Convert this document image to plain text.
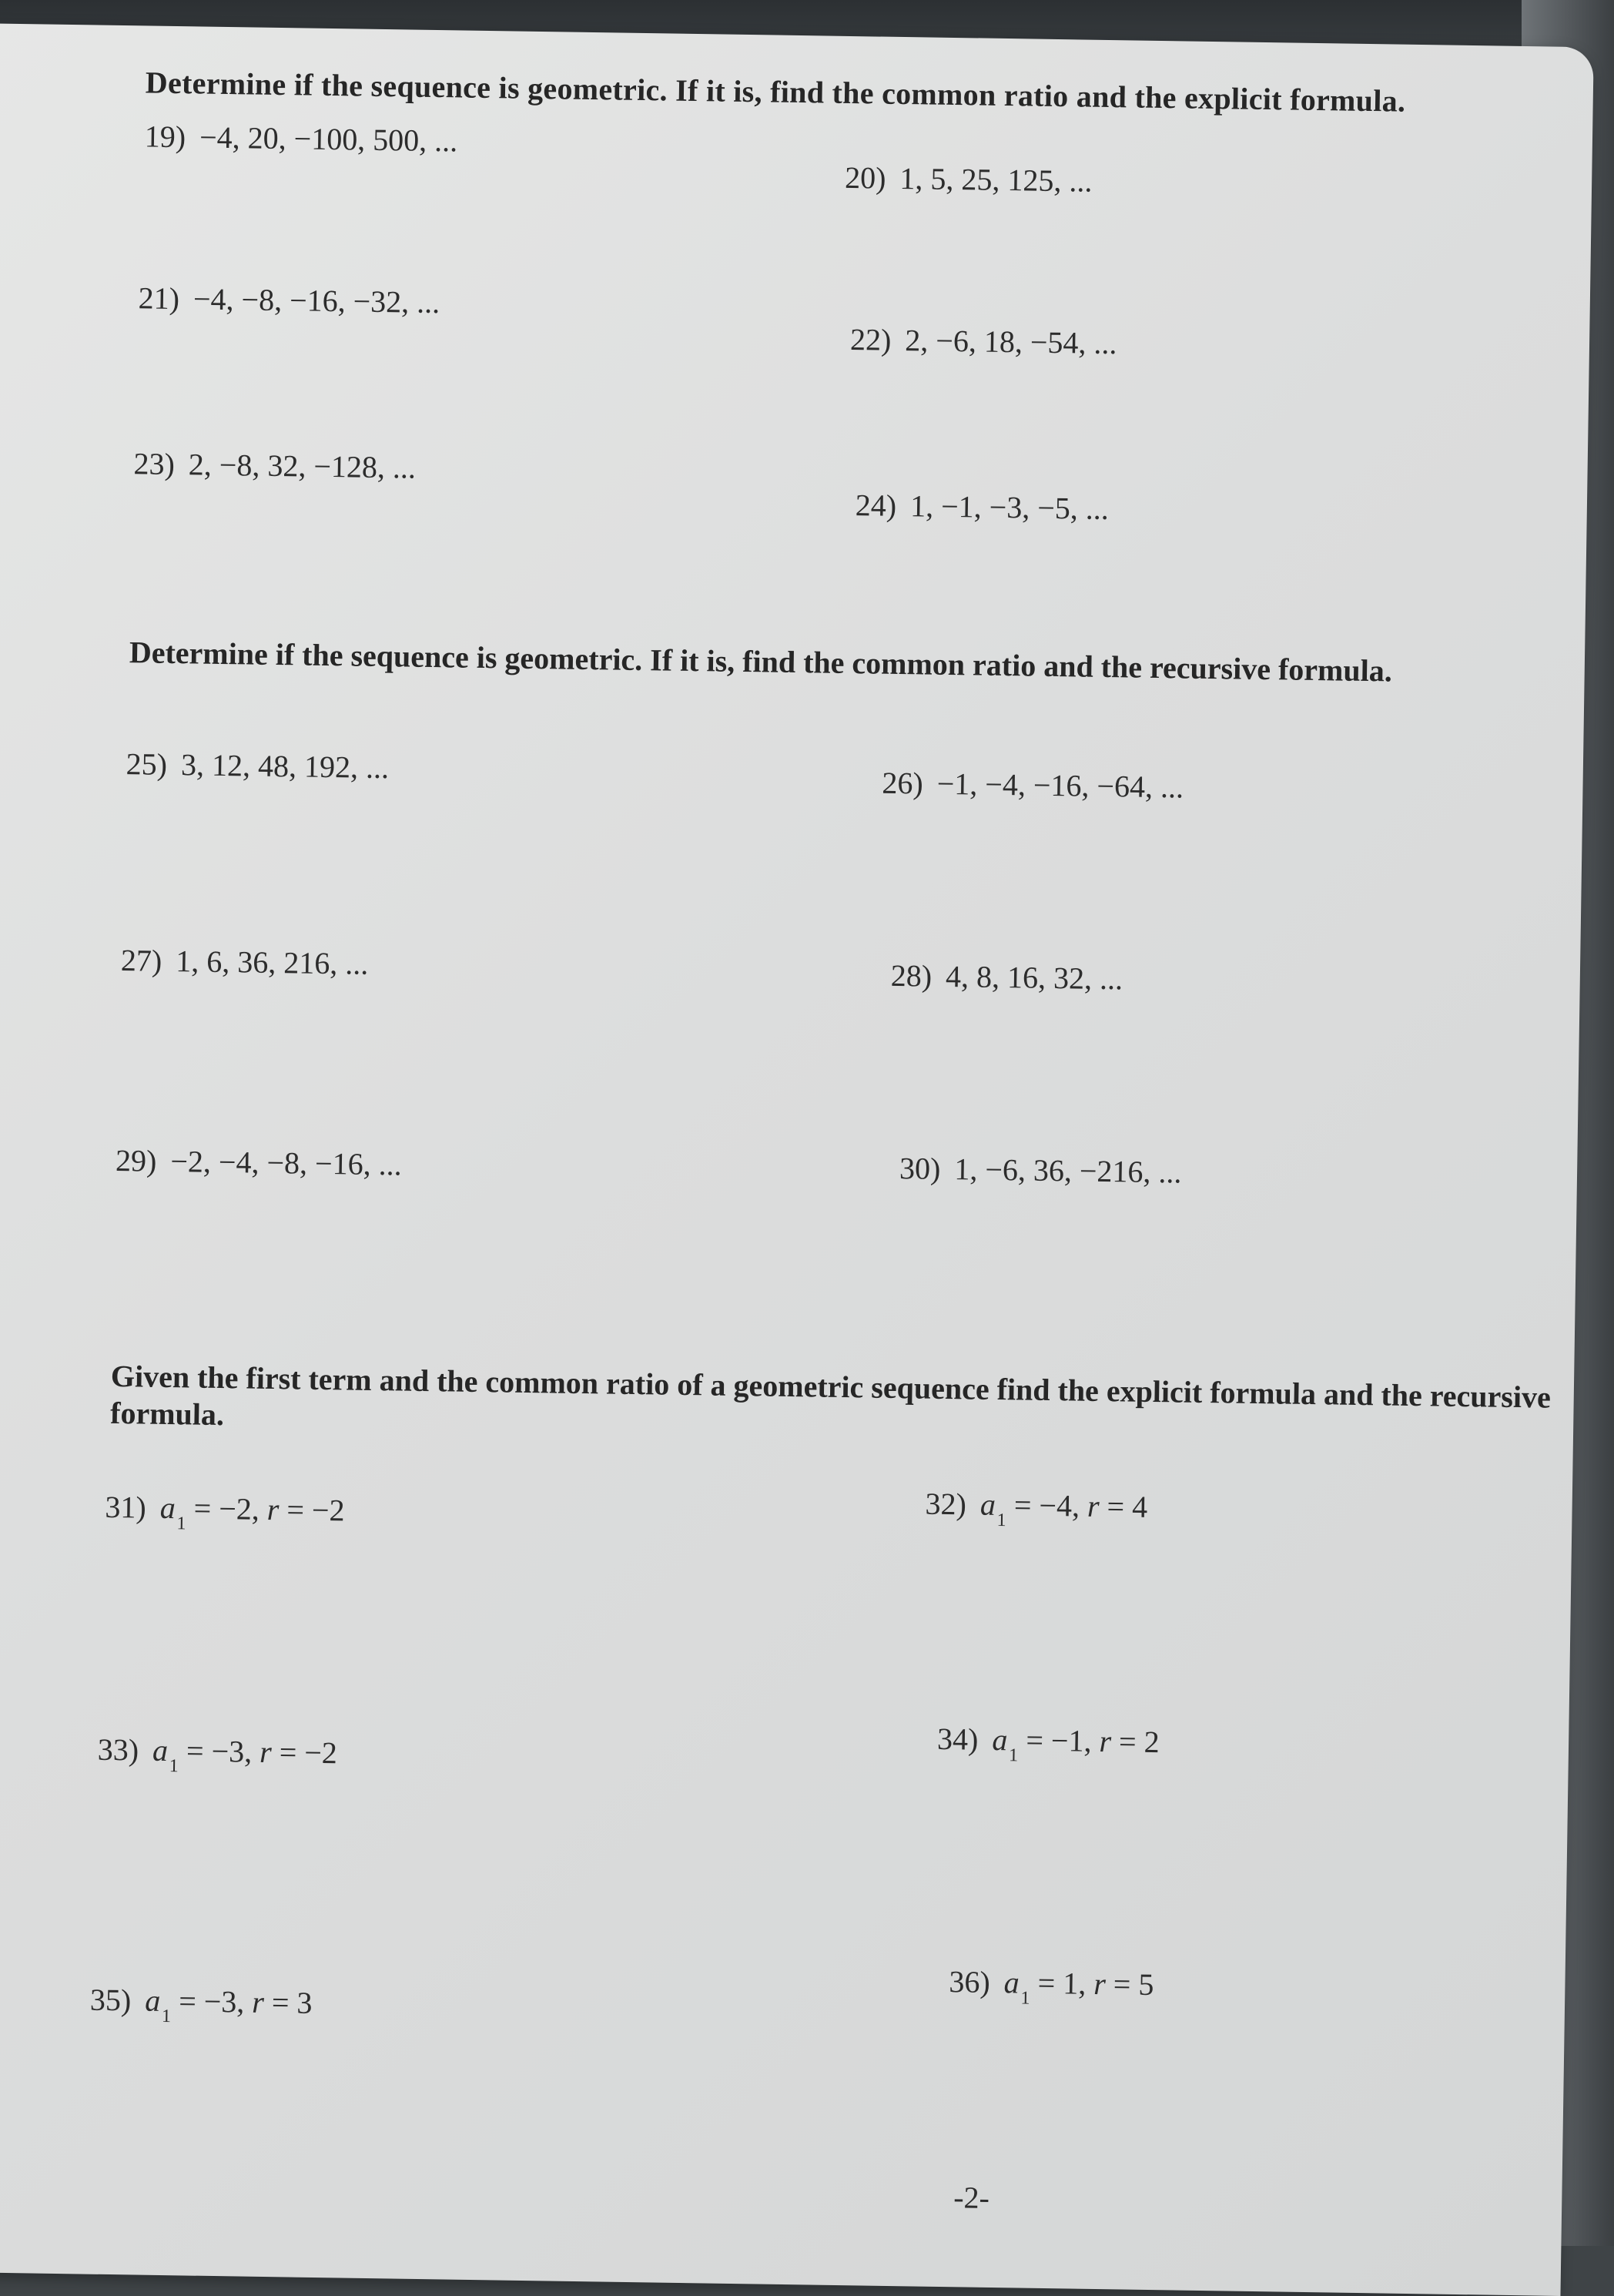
Determine if the sequence is geometric. If it is, find the common ratio and the explicit formula.
19) −4, 20, −100, 500, ...
20) 1, 5, 25, 125, ...
21) −4, −8, −16, −32, ...
22) 2, −6, 18, −54, ...
23) 2, −8, 32, −128, ...
24) 1, −1, −3, −5, ...
Determine if the sequence is geometric. If it is, find the common ratio and the recursive formula.
25) 3, 12, 48, 192, ...	26) −1, −4, −16, −64, ...
27) 1, 6, 36, 216, ...	28) 4, 8, 16, 32, ...
29) −2, −4, −8, −16, ...	30) 1, −6, 36, −216, ...
Given the first term and the common ratio of a geometric sequence find the explicit formula and the recursive formula.
31) $a_1 = -2$, r = −2	32) $a_1 = -4$, r = 4
33) $a_1 = -3$, r = −2	34) $a_1 = -1$, r = 2
35) $a_1 = -3$, r = 3
36) $a_1 = 1$, r = 5
-2-
